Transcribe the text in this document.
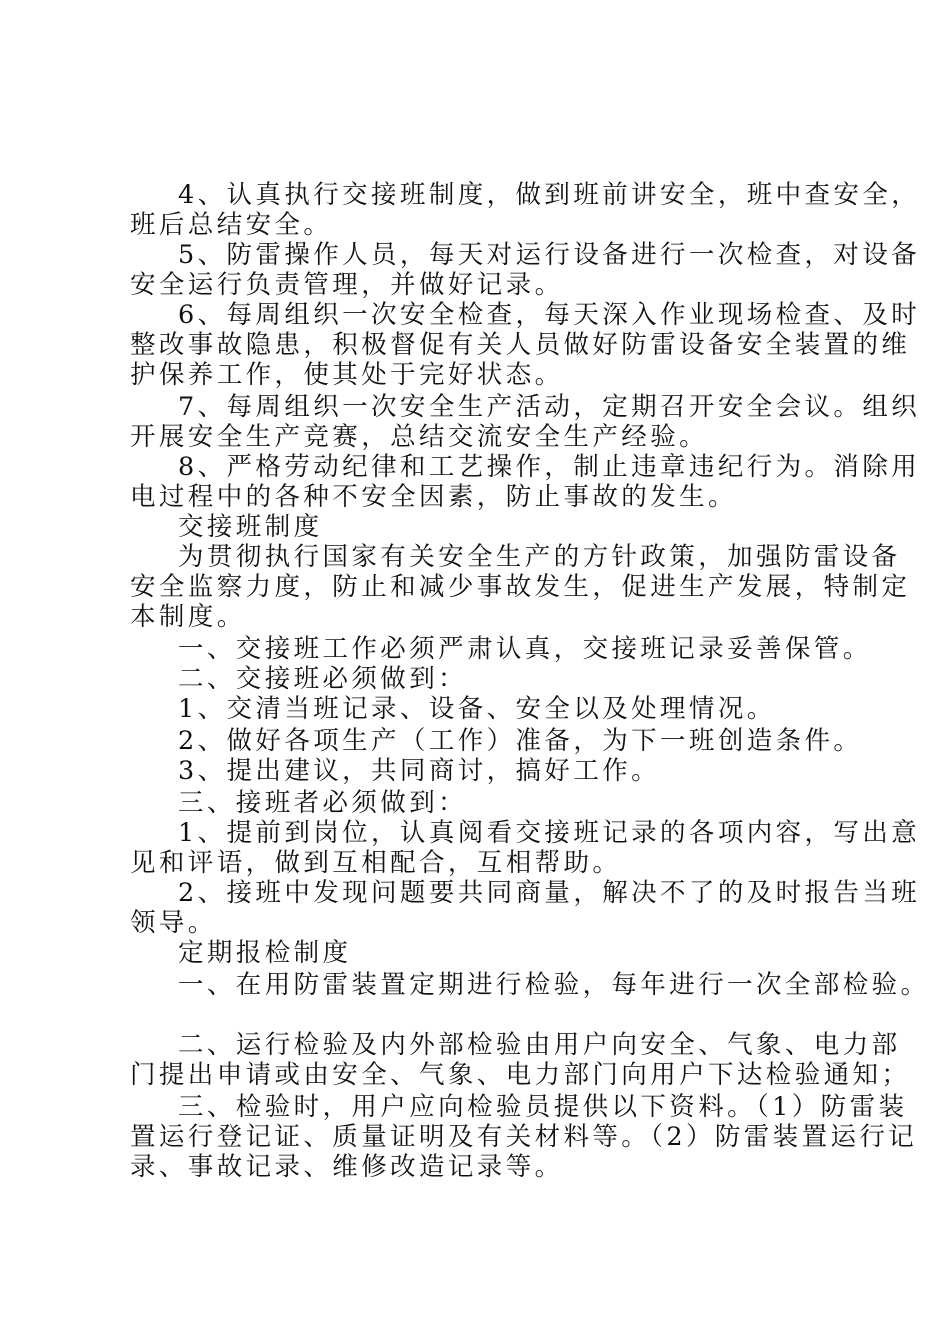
4、认真执行交接班制度，做到班前讲安全，班中查安全，

班后总结安全。

5、防雷操作人员，每天对运行设备进行一次检查，对设备

安全运行负责管理，并做好记录。

6、每周组织一次安全检查，每天深入作业现场检查、及时

整改事故隐患，积极督促有关人员做好防雷设备安全装置的维

护保养工作，使其处于完好状态。

7、每周组织一次安全生产活动，定期召开安全会议。组织

开展安全生产竞赛，总结交流安全生产经验。

8、严格劳动纪律和工艺操作，制止违章违纪行为。消除用

电过程中的各种不安全因素，防止事故的发生。

交接班制度

为贯彻执行国家有关安全生产的方针政策，加强防雷设备

安全监察力度，防止和减少事故发生，促进生产发展，特制定

本制度。

一、交接班工作必须严肃认真，交接班记录妥善保管。

二、交接班必须做到：

1、交清当班记录、设备、安全以及处理情况。

2、做好各项生产（工作）准备，为下一班创造条件。

3、提出建议，共同商讨，搞好工作。

三、接班者必须做到：

1、提前到岗位，认真阅看交接班记录的各项内容，写出意

见和评语，做到互相配合，互相帮助。

2、接班中发现问题要共同商量，解决不了的及时报告当班

领导。

定期报检制度

一、在用防雷装置定期进行检验，每年进行一次全部检验。

二、运行检验及内外部检验由用户向安全、气象、电力部

门提出申请或由安全、气象、电力部门向用户下达检验通知；

三、检验时，用户应向检验员提供以下资料。（1）防雷装

置运行登记证、质量证明及有关材料等。（2）防雷装置运行记

录、事故记录、维修改造记录等。
